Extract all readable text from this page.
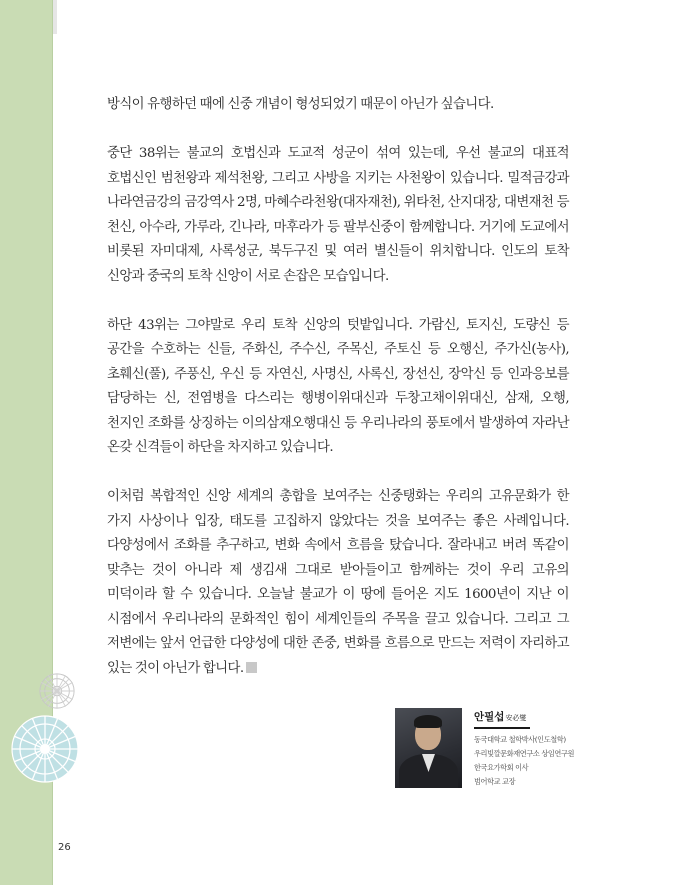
방식이 유행하던 때에 신중 개념이 형성되었기 때문이 아닌가 싶습니다.

중단 38위는 불교의 호법신과 도교적 성군이 섞여 있는데, 우선 불교의 대표적 호법신인 범천왕과 제석천왕, 그리고 사방을 지키는 사천왕이 있습니다. 밀적금강과 나라연금강의 금강역사 2명, 마혜수라천왕(대자재천), 위타천, 산지대장, 대변재천 등 천신, 아수라, 가루라, 긴나라, 마후라가 등 팔부신중이 함께합니다. 거기에 도교에서 비롯된 자미대제, 사록성군, 북두구진 및 여러 별신들이 위치합니다. 인도의 토착 신앙과 중국의 토착 신앙이 서로 손잡은 모습입니다.

하단 43위는 그야말로 우리 토착 신앙의 텃밭입니다. 가람신, 토지신, 도량신 등 공간을 수호하는 신들, 주화신, 주수신, 주목신, 주토신 등 오행신, 주가신(농사), 초훼신(풀), 주풍신, 우신 등 자연신, 사명신, 사록신, 장선신, 장악신 등 인과응보를 담당하는 신, 전염병을 다스리는 행병이위대신과 두창고채이위대신, 삼재, 오행, 천지인 조화를 상징하는 이의삼재오행대신 등 우리나라의 풍토에서 발생하여 자라난 온갖 신격들이 하단을 차지하고 있습니다.

이처럼 복합적인 신앙 세계의 총합을 보여주는 신중탱화는 우리의 고유문화가 한 가지 사상이나 입장, 태도를 고집하지 않았다는 것을 보여주는 좋은 사례입니다. 다양성에서 조화를 추구하고, 변화 속에서 흐름을 탔습니다. 잘라내고 버려 똑같이 맞추는 것이 아니라 제 생김새 그대로 받아들이고 함께하는 것이 우리 고유의 미덕이라 할 수 있습니다. 오늘날 불교가 이 땅에 들어온 지도 1600년이 지난 이 시점에서 우리나라의 문화적인 힘이 세계인들의 주목을 끌고 있습니다. 그리고 그 저변에는 앞서 언급한 다양성에 대한 존중, 변화를 흐름으로 만드는 저력이 자리하고 있는 것이 아닌가 합니다.

안필섭安必燮
동국대학교 철학박사(인도철학)
우리빛깔문화재연구소 상임연구원
한국요가학회 이사
범어학교 교장
26
